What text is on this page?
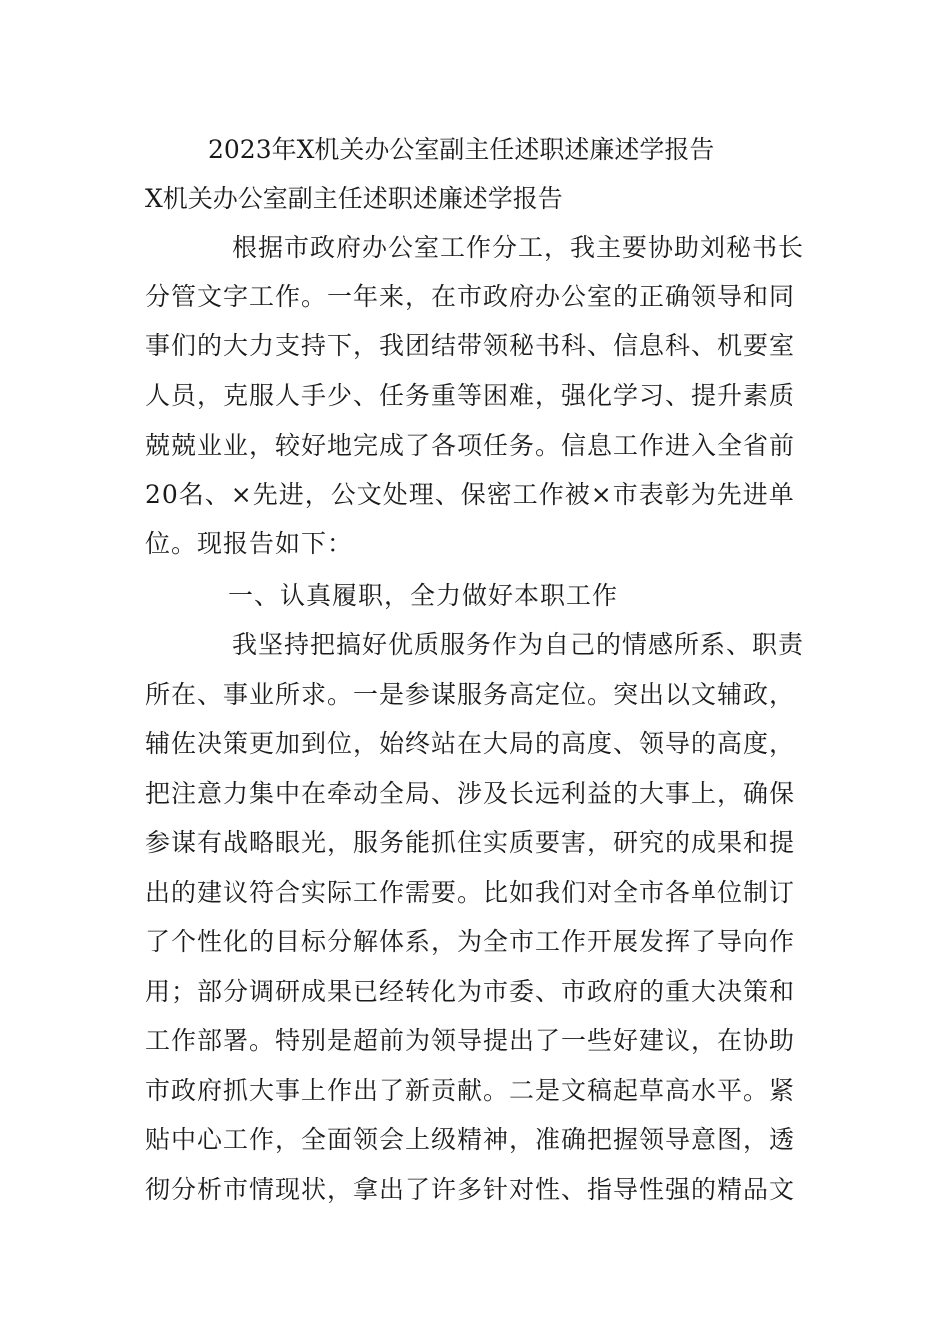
2023年X机关办公室副主任述职述廉述学报告
X机关办公室副主任述职述廉述学报告
根据市政府办公室工作分工，我主要协助刘秘书长
分管文字工作。一年来，在市政府办公室的正确领导和同
事们的大力支持下，我团结带领秘书科、信息科、机要室
人员，克服人手少、任务重等困难，强化学习、提升素质
兢兢业业，较好地完成了各项任务。信息工作进入全省前
20名、×先进，公文处理、保密工作被×市表彰为先进单
位。现报告如下：
一、认真履职，全力做好本职工作
我坚持把搞好优质服务作为自己的情感所系、职责
所在、事业所求。一是参谋服务高定位。突出以文辅政，
辅佐决策更加到位，始终站在大局的高度、领导的高度，
把注意力集中在牵动全局、涉及长远利益的大事上，确保
参谋有战略眼光，服务能抓住实质要害，研究的成果和提
出的建议符合实际工作需要。比如我们对全市各单位制订
了个性化的目标分解体系，为全市工作开展发挥了导向作
用；部分调研成果已经转化为市委、市政府的重大决策和
工作部署。特别是超前为领导提出了一些好建议，在协助
市政府抓大事上作出了新贡献。二是文稿起草高水平。紧
贴中心工作，全面领会上级精神，准确把握领导意图，透
彻分析市情现状，拿出了许多针对性、指导性强的精品文
